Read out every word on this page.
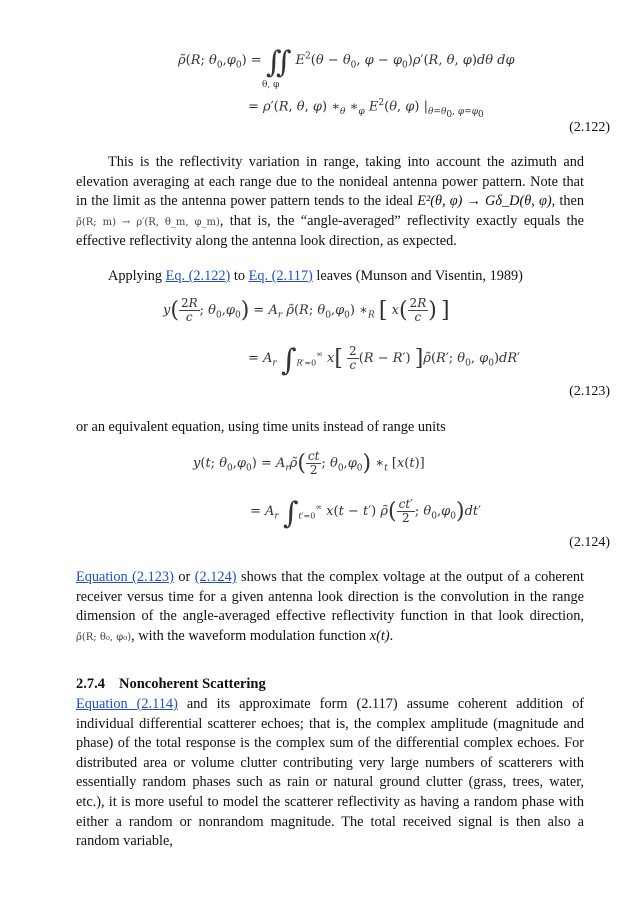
ρ̃(R; $\theta_0,\varphi_0$) = ∬ $E^2(\theta - \theta_0$, $\varphi - \varphi_0)\rho'(R$, θ, φ)dθ dφ
θ, φ
= ρ′(R, θ, φ) $∗_\theta$ $∗_\varphi$ $E^2(\theta$, φ) $|_{\theta=\theta_0, \varphi=\varphi_0}$
(2.122)
This is the reflectivity variation in range, taking into account the azimuth and elevation averaging at each range due to the nonideal antenna power pattern. Note that in the limit as the antenna power pattern tends to the ideal E²(θ, φ) → Gδ_D(θ, φ), then ρ̃(R; m) → ρ′(R, θ_m, φ_m), that is, the “angle-averaged” reflectivity exactly equals the effective reflectivity along the antenna look direction, as expected.
Applying Eq. (2.122) to Eq. (2.117) leaves (Munson and Visentin, 1989)
$y( \frac{2R}{c}$ ; $\theta_0,\varphi_0) = A_r$ ρ̃(R; $\theta_0,\varphi_0$) $∗_R$ [ $x( \frac{2R}{c}$ ) ]
= $A_r$ $\int_{R'=0}^\infty$ $x[ \frac{2}{c} (R - R')$ ]ρ̃(R′; $\theta_0$, $\varphi_0)dR'$
(2.123)
or an equivalent equation, using time units instead of range units
y(t; $\theta_0,\varphi_0$) = $A_r\rhõ( \frac{ct}{2}$ ; $\theta_0,\varphi_0$) $∗_t$ [x(t)]
= $A_r$ $\int_{t'=0}^\infty$ x(t − t′) ρ̃( $\frac{ct'}{2}$ ; $\theta_0,\varphi_0)dt'$
(2.124)
Equation (2.123) or (2.124) shows that the complex voltage at the output of a coherent receiver versus time for a given antenna look direction is the convolution in the range dimension of the angle-averaged effective reflectivity function in that look direction, ρ̃(R; θ₀, φ₀), with the waveform modulation function x(t).
2.7.4 Noncoherent Scattering
Equation (2.114) and its approximate form (2.117) assume coherent addition of individual differential scatterer echoes; that is, the complex amplitude (magnitude and phase) of the total response is the complex sum of the differential complex echoes. For distributed area or volume clutter contributing very large numbers of scatterers with essentially random phases such as rain or natural ground clutter (grass, trees, water, etc.), it is more useful to model the scatterer reflectivity as having a random phase with either a random or nonrandom magnitude. The total received signal is then also a random variable,
